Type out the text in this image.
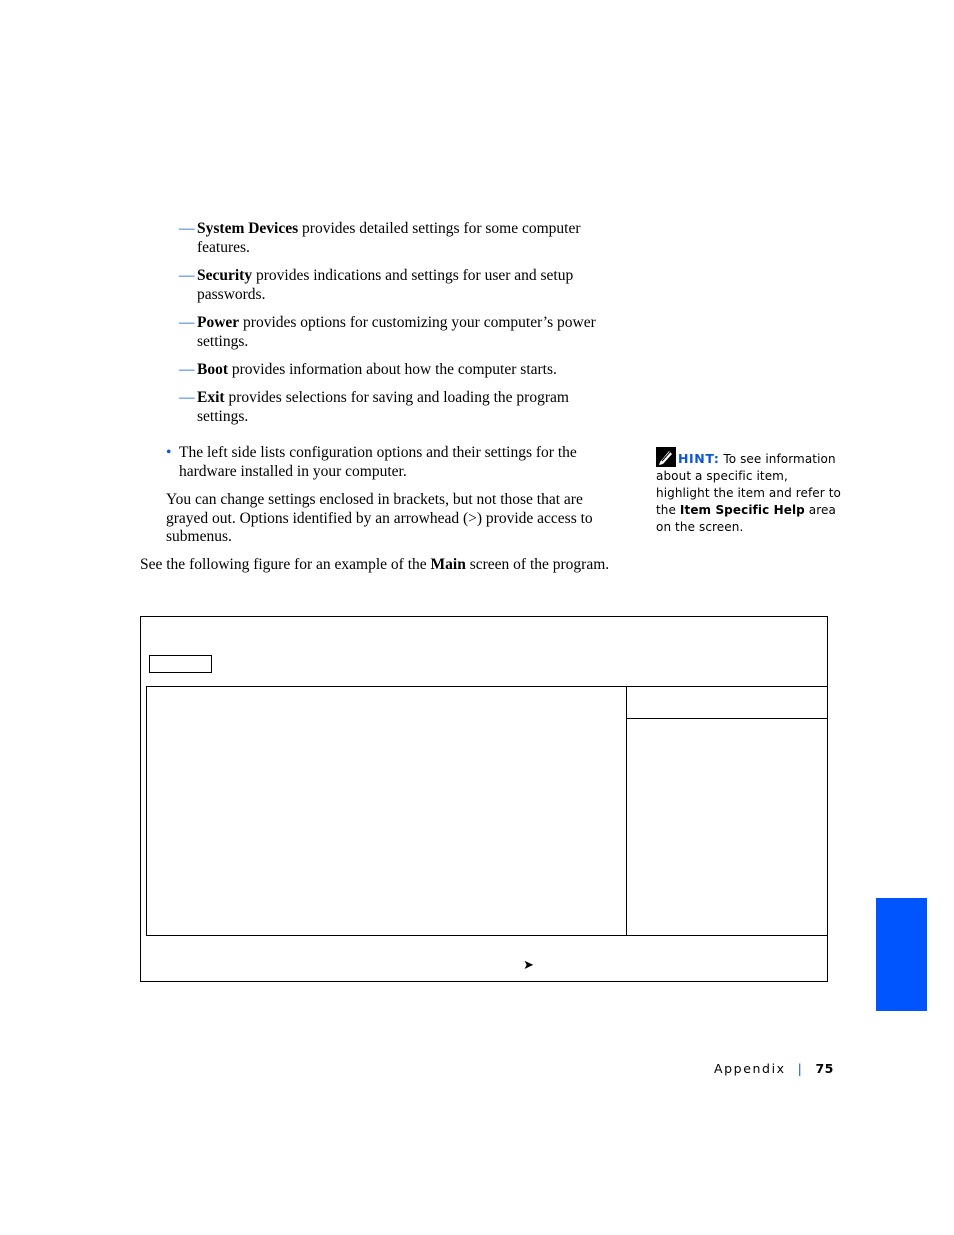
— System Devices provides detailed settings for some computer features.
— Security provides indications and settings for user and setup passwords.
— Power provides options for customizing your computer’s power settings.
— Boot provides information about how the computer starts.
— Exit provides selections for saving and loading the program settings.
• The left side lists configuration options and their settings for the hardware installed in your computer.
You can change settings enclosed in brackets, but not those that are grayed out. Options identified by an arrowhead (>) provide access to submenus.
See the following figure for an example of the Main screen of the program.
HINT: To see information about a specific item, highlight the item and refer to the Item Specific Help area on the screen.
➤
Appendix | 75
